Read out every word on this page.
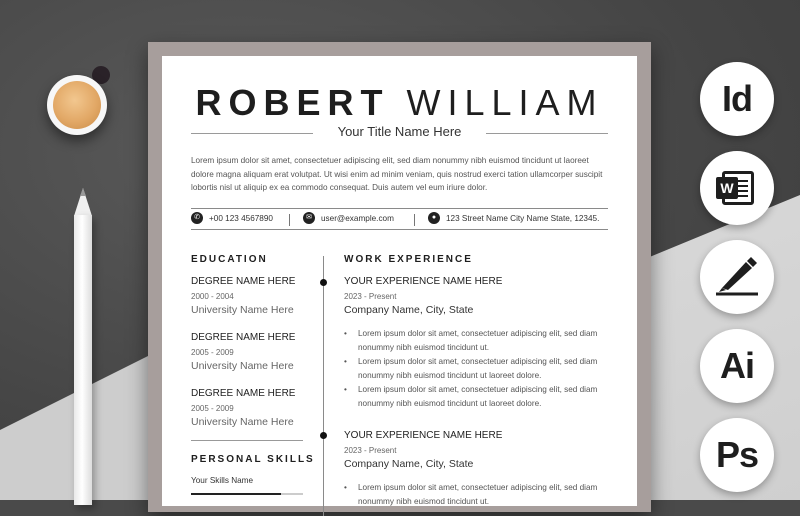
ROBERT WILLIAM
Your Title Name Here
Lorem ipsum dolor sit amet, consectetuer adipiscing elit, sed diam nonummy nibh euismod tincidunt ut laoreet dolore magna aliquam erat volutpat. Ut wisi enim ad minim veniam, quis nostrud exerci tation ullamcorper suscipit lobortis nisl ut aliquip ex ea commodo consequat. Duis autem vel eum iriure dolor.
✆ +00 123 4567890	✉ user@example.com	● 123 Street Name City Name State, 12345.
EDUCATION
DEGREE NAME HERE
2000 - 2004
University Name Here
DEGREE NAME HERE
2005 - 2009
University Name Here
DEGREE NAME HERE
2005 - 2009
University Name Here
PERSONAL SKILLS
Your Skills Name
WORK EXPERIENCE
YOUR EXPERIENCE NAME HERE
2023 - Present
Company Name, City, State
• Lorem ipsum dolor sit amet, consectetuer adipiscing elit, sed diam nonummy nibh euismod tincidunt ut.
• Lorem ipsum dolor sit amet, consectetuer adipiscing elit, sed diam nonummy nibh euismod tincidunt ut laoreet dolore.
• Lorem ipsum dolor sit amet, consectetuer adipiscing elit, sed diam nonummy nibh euismod tincidunt ut laoreet dolore.
YOUR EXPERIENCE NAME HERE
2023 - Present
Company Name, City, State
• Lorem ipsum dolor sit amet, consectetuer adipiscing elit, sed diam nonummy nibh euismod tincidunt ut.
Id
W
Ai
Ps
